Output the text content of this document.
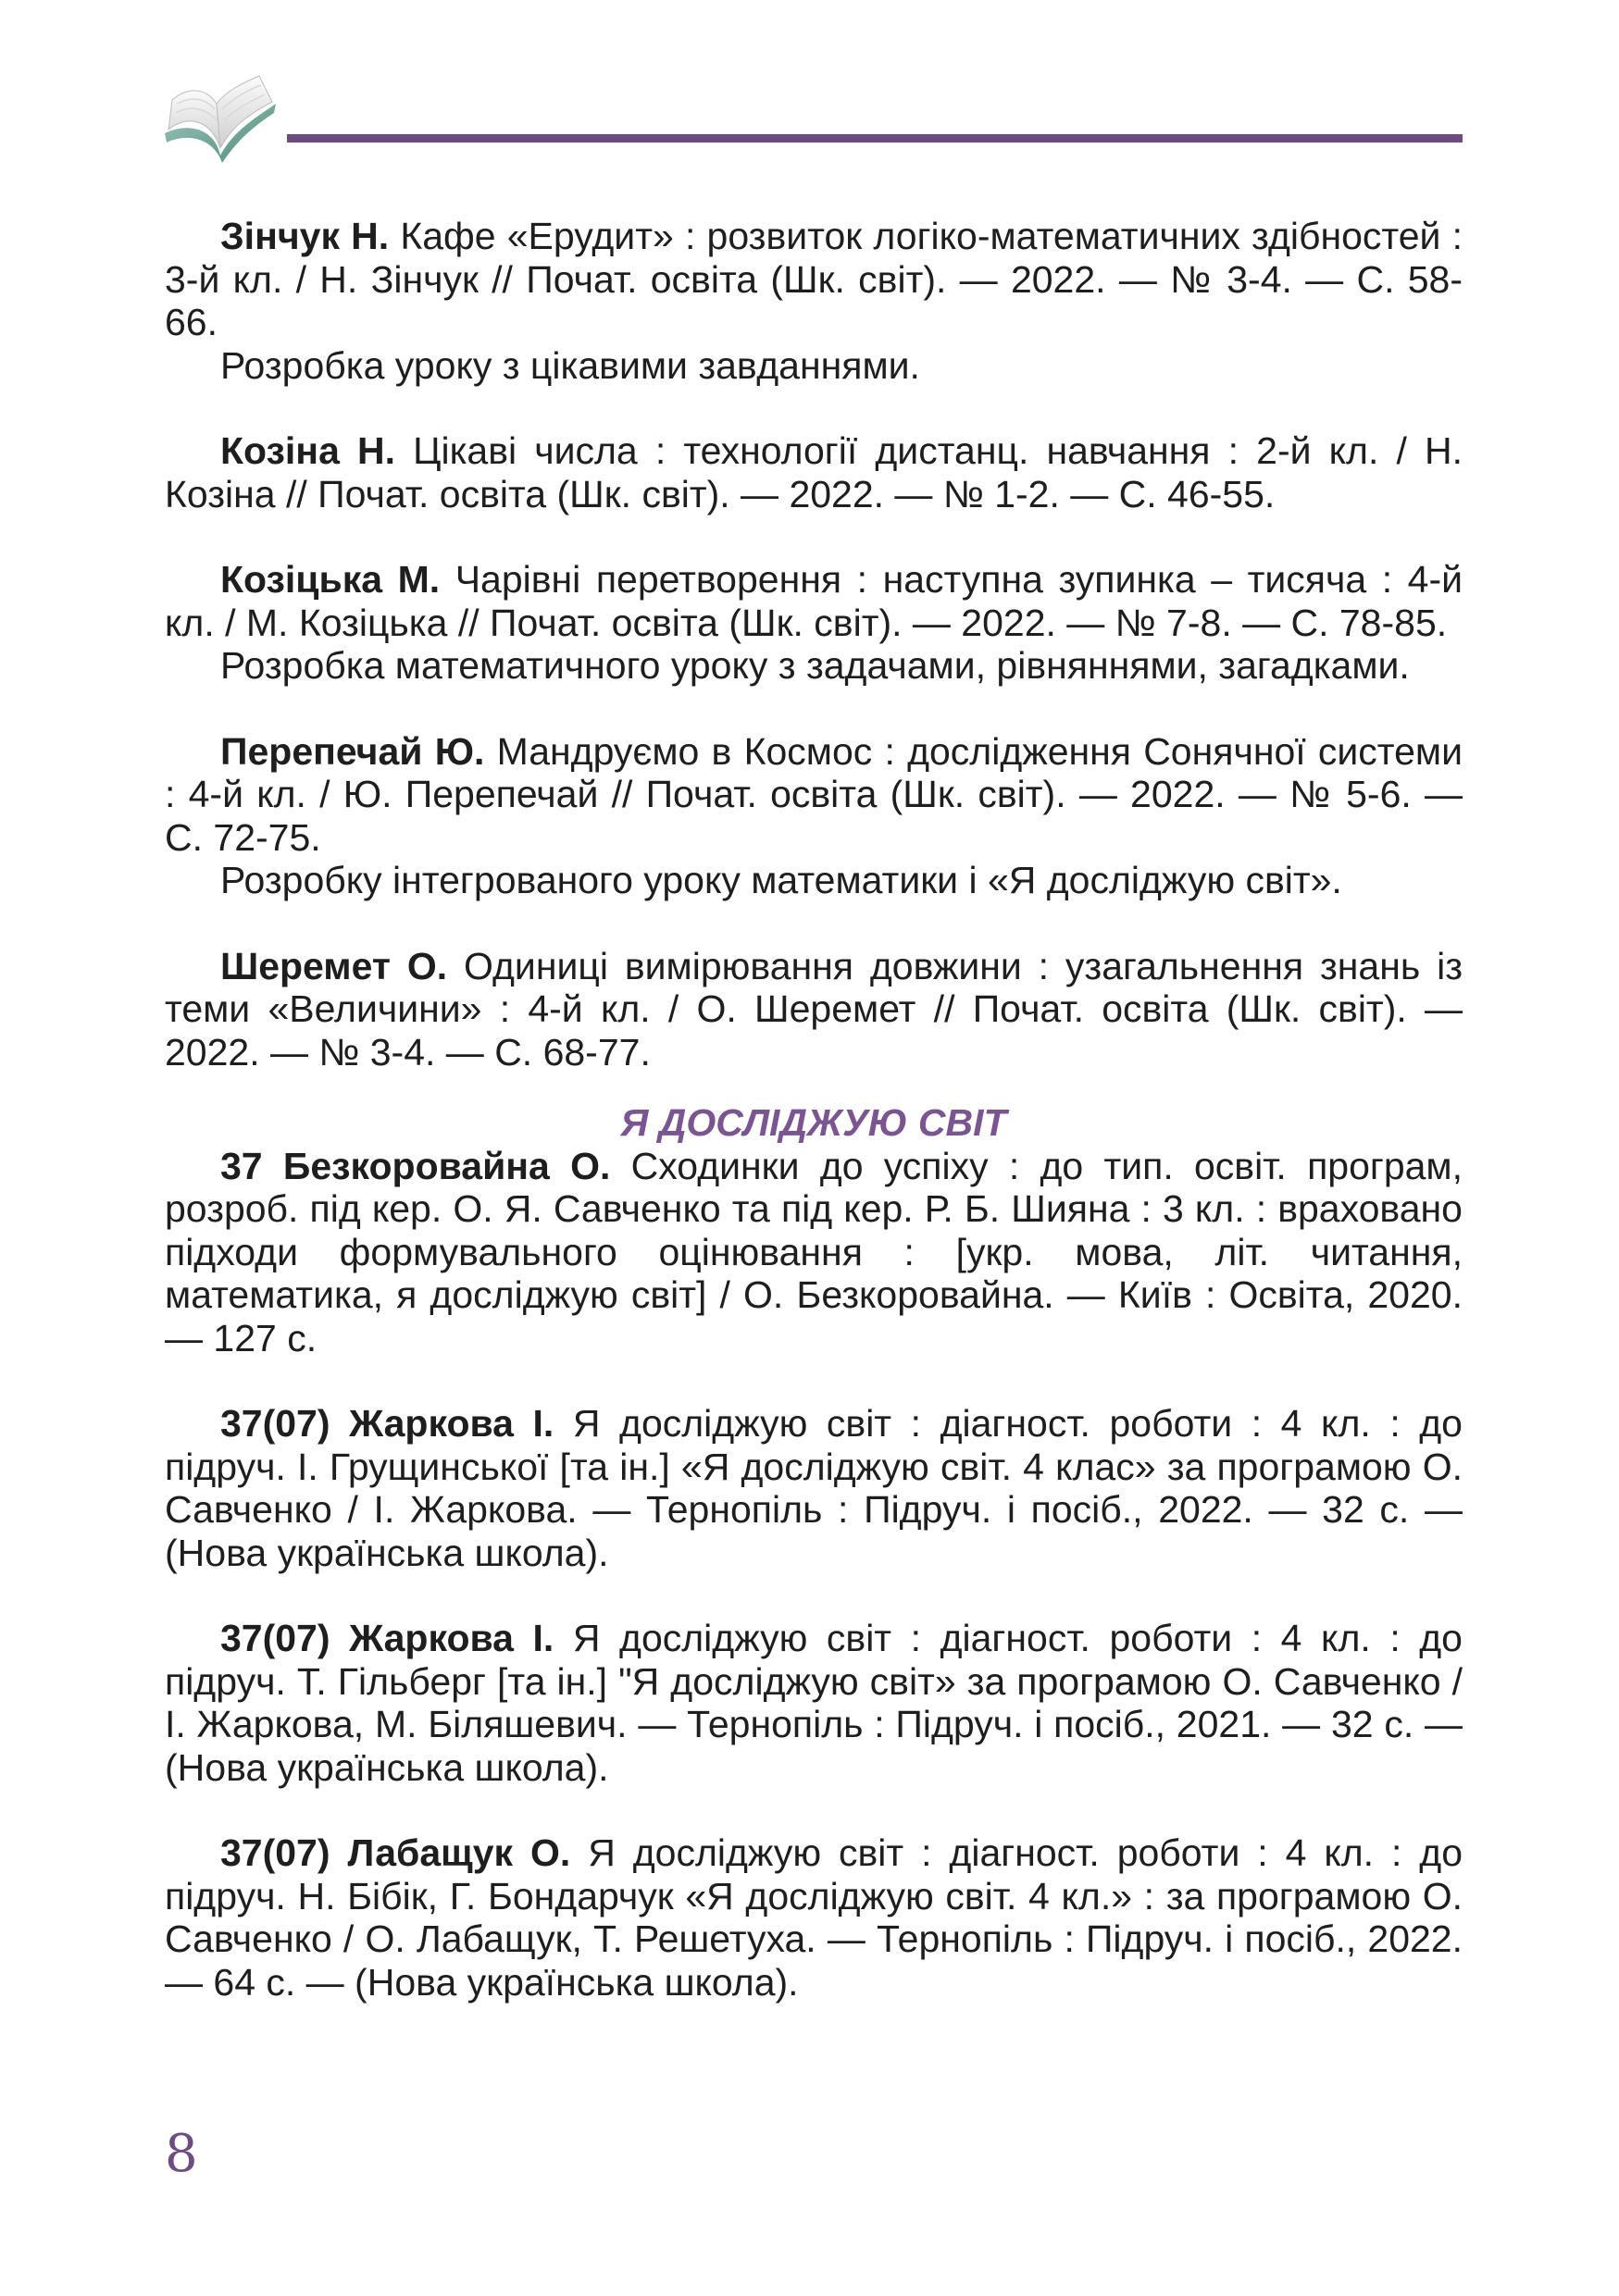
Зінчук Н. Кафе «Ерудит» : розвиток логіко-математичних здібностей : 3-й кл. / Н. Зінчук // Почат. освіта (Шк. світ). — 2022. — № 3-4. — С. 58-66.

Розробка уроку з цікавими завданнями.

Козіна Н. Цікаві числа : технології дистанц. навчання : 2-й кл. / Н. Козіна // Почат. освіта (Шк. світ). — 2022. — № 1-2. — С. 46-55.

Козіцька М. Чарівні перетворення : наступна зупинка – тисяча : 4-й кл. / М. Козіцька // Почат. освіта (Шк. світ). — 2022. — № 7-8. — С. 78-85.

Розробка математичного уроку з задачами, рівняннями, загадками.

Перепечай Ю. Мандруємо в Космос : дослідження Сонячної системи : 4-й кл. / Ю. Перепечай // Почат. освіта (Шк. світ). — 2022. — № 5-6. — С. 72-75.

Розробку інтегрованого уроку математики і «Я досліджую світ».

Шеремет О. Одиниці вимірювання довжини : узагальнення знань із теми «Величини» : 4-й кл. / О. Шеремет // Почат. освіта (Шк. світ). — 2022. — № 3-4. — С. 68-77.

Я ДОСЛІДЖУЮ СВІТ

37 Безкоровайна О. Сходинки до успіху : до тип. освіт. програм, розроб. під кер. О. Я. Савченко та під кер. Р. Б. Шияна : 3 кл. : враховано підходи формувального оцінювання : [укр. мова, літ. читання, математика, я досліджую світ] / О. Безкоровайна. — Київ : Освіта, 2020. — 127 с.

37(07) Жаркова І. Я досліджую світ : діагност. роботи : 4 кл. : до підруч. І. Грущинської [та ін.] «Я досліджую світ. 4 клас» за програмою О. Савченко / І. Жаркова. — Тернопіль : Підруч. і посіб., 2022. — 32 с. — (Нова українська школа).

37(07) Жаркова І. Я досліджую світ : діагност. роботи : 4 кл. : до підруч. Т. Гільберг [та ін.] "Я досліджую світ» за програмою О. Савченко / І. Жаркова, М. Біляшевич. — Тернопіль : Підруч. і посіб., 2021. — 32 с. — (Нова українська школа).

37(07) Лабащук О. Я досліджую світ : діагност. роботи : 4 кл. : до підруч. Н. Бібік, Г. Бондарчук «Я досліджую світ. 4 кл.» : за програмою О. Савченко / О. Лабащук, Т. Решетуха. — Тернопіль : Підруч. і посіб., 2022. — 64 с. — (Нова українська школа).

8
